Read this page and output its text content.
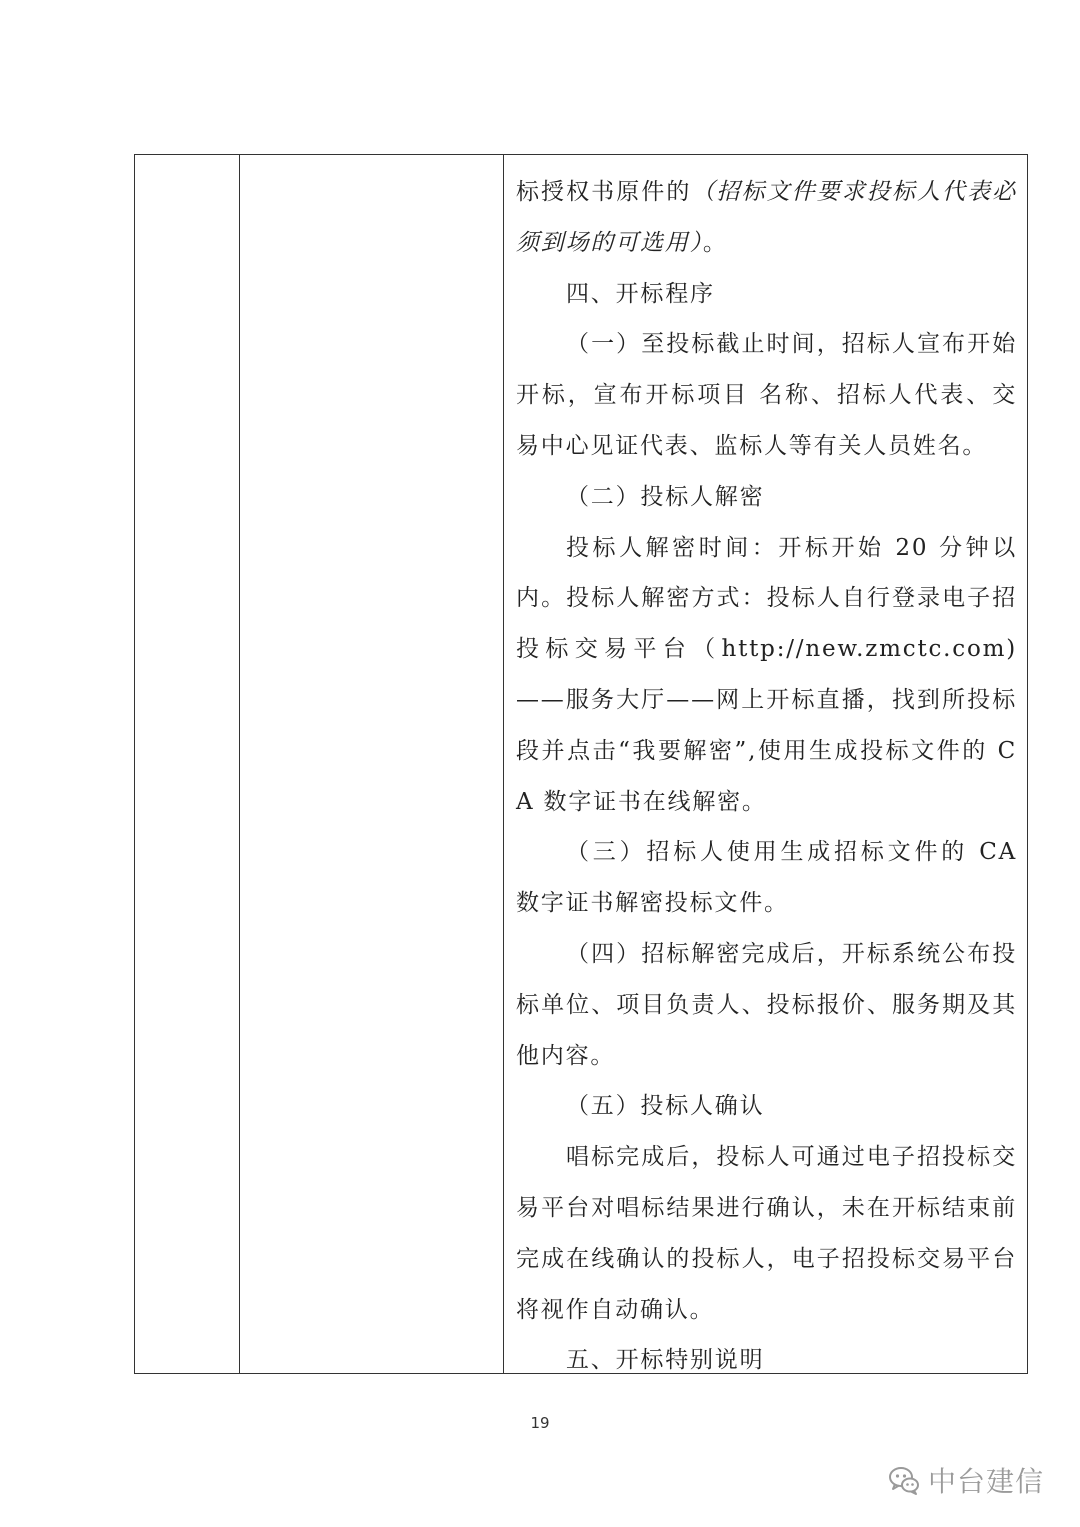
标授权书原件的（招标文件要求投标人代表必须到场的可选用）。

四、开标程序

（一）至投标截止时间，招标人宣布开始开标，宣布开标项目 名称、招标人代表、交易中心见证代表、监标人等有关人员姓名。

（二）投标人解密

投标人解密时间：开标开始 20 分钟以内。投标人解密方式：投标人自行登录电子招投标交易平台（http://new.zmctc.com)——服务大厅——网上开标直播，找到所投标段并点击“我要解密”,使用生成投标文件的 CA 数字证书在线解密。

（三）招标人使用生成招标文件的 CA 数字证书解密投标文件。

（四）招标解密完成后，开标系统公布投标单位、项目负责人、投标报价、服务期及其他内容。

（五）投标人确认

唱标完成后，投标人可通过电子招投标交易平台对唱标结果进行确认，未在开标结束前完成在线确认的投标人，电子招投标交易平台将视作自动确认。

五、开标特别说明

19
中台建信
